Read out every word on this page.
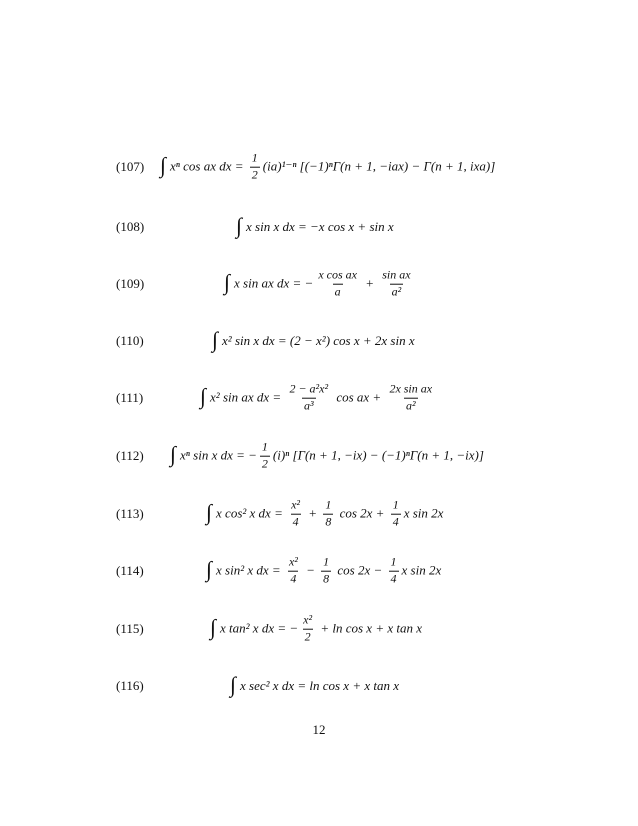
(107) ∫ xⁿ cos ax dx = $\frac{1}{2} (ia)^{1-n}$ [(−1)ⁿΓ(n + 1, −iax) − Γ(n + 1, ixa)]
(108)	∫ x sin x dx = −x cos x + sin x
(109)	∫ x sin ax dx = − $\frac{\text{x cos ax}}{a} + \frac{\text{sin ax}}{\text{a²}}$
(110)	∫ x² sin x dx = (2 − x²) cos x + 2x sin x
(111)	∫ x² sin ax dx = $\frac{\text{2 − a²x²}}{\text{a³}}$ cos ax + $\frac{\text{2x sin ax}}{\text{a²}}$
(112) ∫ xⁿ sin x dx = − $\frac{1}{2} (i)^n$ [Γ(n + 1, −ix) − (−1)ⁿΓ(n + 1, −ix)]
(113)	∫ x cos² x dx = $\frac{\text{x²}}{4} + \frac{1}{8}$ $\cos 2x + \frac{1}{4}$ x sin 2x
(114)	∫ x sin² x dx = $\frac{\text{x²}}{4} - \frac{1}{8}$ $\cos 2x - \frac{1}{4}$ x sin 2x
(115)	∫ x tan² x dx = − $\frac{\text{x²}}{2} + \ln \cos x + x$ tan x
(116)	∫ x sec² x dx = ln cos x + x tan x
12
